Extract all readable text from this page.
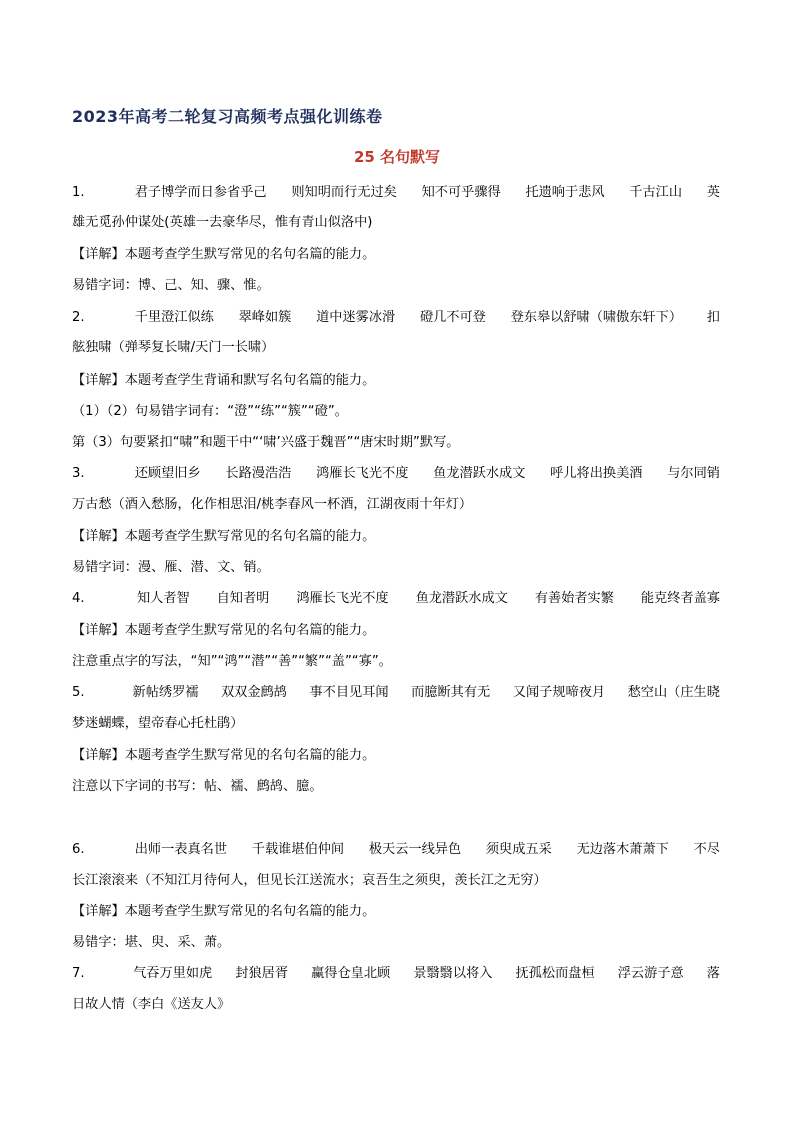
2023年高考二轮复习高频考点强化训练卷
25 名句默写
1.	君子博学而日参省乎己 则知明而行无过矣 知不可乎骤得 托遗响于悲风 千古江山 英
雄无觅孙仲谋处(英雄一去豪华尽，惟有青山似洛中)
【详解】本题考查学生默写常见的名句名篇的能力。
易错字词：博、己、知、骤、惟。
2.	千里澄江似练 翠峰如簇 道中迷雾冰滑 磴几不可登 登东皋以舒啸（啸傲东轩下） 扣
舷独啸（弹琴复长啸/天门一长啸）
【详解】本题考查学生背诵和默写名句名篇的能力。
（1）（2）句易错字词有：“澄”“练”“簇”“磴”。
第（3）句要紧扣“啸”和题干中“‘啸’兴盛于魏晋”“唐宋时期”默写。
3.	还顾望旧乡 长路漫浩浩 鸿雁长飞光不度 鱼龙潜跃水成文 呼儿将出换美酒 与尔同销
万古愁（酒入愁肠，化作相思泪/桃李春风一杯酒，江湖夜雨十年灯）
【详解】本题考查学生默写常见的名句名篇的能力。
易错字词：漫、雁、潜、文、销。
4.	知人者智 自知者明 鸿雁长飞光不度 鱼龙潜跃水成文 有善始者实繁 能克终者盖寡
【详解】本题考查学生默写常见的名句名篇的能力。
注意重点字的写法，“知”“鸿”“潜”“善”“繁”“盖”“寡”。
5.	新帖绣罗襦 双双金鹧鸪 事不目见耳闻 而臆断其有无 又闻子规啼夜月 愁空山（庄生晓
梦迷蝴蝶，望帝春心托杜鹃）
【详解】本题考查学生默写常见的名句名篇的能力。
注意以下字词的书写：帖、襦、鹧鸪、臆。
6.	出师一表真名世 千载谁堪伯仲间 极天云一线异色 须臾成五采 无边落木萧萧下 不尽
长江滚滚来（不知江月待何人，但见长江送流水；哀吾生之须臾，羡长江之无穷）
【详解】本题考查学生默写常见的名句名篇的能力。
易错字：堪、臾、采、萧。
7.	气吞万里如虎 封狼居胥 赢得仓皇北顾 景翳翳以将入 抚孤松而盘桓 浮云游子意 落
日故人情（李白《送友人》
